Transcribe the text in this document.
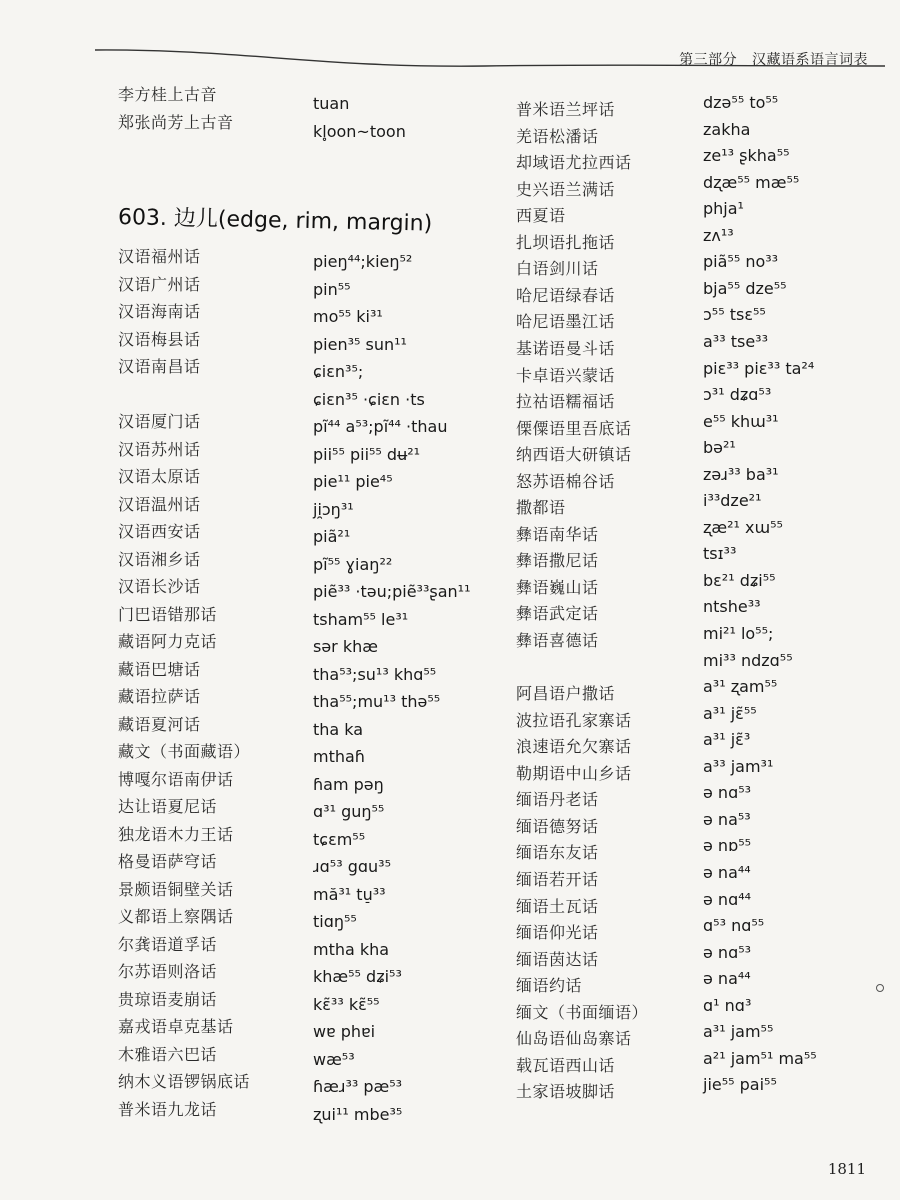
第三部分 汉藏语系语言词表
李方桂上古音	tuan
郑张尚芳上古音	kl̥oon~toon
603. 边儿(edge, rim, margin)
汉语福州话	pieŋ⁴⁴;kieŋ⁵²
汉语广州话	pin⁵⁵
汉语海南话	mo⁵⁵ ki³¹
汉语梅县话	pien³⁵ sun¹¹
汉语南昌话	ɕiɛn³⁵;
ɕiɛn³⁵ ·ɕiɛn ·ts
汉语厦门话	pĩ⁴⁴ a⁵³;pĩ⁴⁴ ·thau
汉语苏州话	pii⁵⁵ pii⁵⁵ dʉ²¹
汉语太原话	pie¹¹ pie⁴⁵
汉语温州话	ji̯ɔŋ³¹
汉语西安话	piã²¹
汉语湘乡话	pĩ⁵⁵ ɣiaŋ²²
汉语长沙话	piẽ³³ ·təu;piẽ³³ʂan¹¹
门巴语错那话	tsham⁵⁵ le³¹
藏语阿力克话	sər khæ
藏语巴塘话	tha⁵³;su¹³ khɑ⁵⁵
藏语拉萨话	tha⁵⁵;mu¹³ thə⁵⁵
藏语夏河话	tha ka
藏文（书面藏语）	mthaɦ
博嘎尔语南伊话	ɦam pəŋ
达让语夏尼话	ɑ³¹ guŋ⁵⁵
独龙语木力王话	tɕɛm⁵⁵
格曼语萨穹话	ɹɑ⁵³ gɑu³⁵
景颇语铜壁关话	mă³¹ tu̠³³
义都语上察隅话	tiɑŋ⁵⁵
尔龚语道孚话	mtha kha
尔苏语则洛话	khæ⁵⁵ dʑi⁵³
贵琼语麦崩话	kɛ̃³³ kɛ̃⁵⁵
嘉戎语卓克基话	wɐ phɐi
木雅语六巴话	wæ⁵³
纳木义语锣锅底话	ɦæɹ³³ pæ⁵³
普米语九龙话	ʐui¹¹ mbe³⁵
普米语兰坪话	dzə⁵⁵ to⁵⁵
羌语松潘话	zakha
却域语尤拉西话	ze¹³ ʂkha⁵⁵
史兴语兰满话	dʐæ⁵⁵ mæ⁵⁵
西夏语	phja¹
扎坝语扎拖话	zʌ¹³
白语剑川话	piã⁵⁵ no³³
哈尼语绿春话	bja⁵⁵ dze⁵⁵
哈尼语墨江话	ɔ⁵⁵ tsɛ⁵⁵
基诺语曼斗话	a³³ tse³³
卡卓语兴蒙话	piɛ³³ piɛ³³ ta²⁴
拉祜语糯福话	ɔ³¹ dʑɑ⁵³
傈僳语里吾底话	e⁵⁵ khɯ³¹
纳西语大研镇话	bə²¹
怒苏语棉谷话	zəɹ³³ ba³¹
撒都语	i³³dze²¹
彝语南华话	ʐæ²¹ xɯ⁵⁵
彝语撒尼话	tsɪ³³
彝语巍山话	bɛ²¹ dʑi⁵⁵
彝语武定话	ntshe³³
彝语喜德话	mi²¹ lo⁵⁵;
mi³³ ndzɑ⁵⁵
阿昌语户撒话	a³¹ ʐam⁵⁵
波拉语孔家寨话	a³¹ jɛ̃⁵⁵
浪速语允欠寨话	a³¹ jɛ̃³
勒期语中山乡话	a³³ jam³¹
缅语丹老话	ə nɑ⁵³
缅语德努话	ə na⁵³
缅语东友话	ə nɒ⁵⁵
缅语若开话	ə na⁴⁴
缅语土瓦话	ə nɑ⁴⁴
缅语仰光话	ɑ⁵³ nɑ⁵⁵
缅语茵达话	ə nɑ⁵³
缅语约话	ə na⁴⁴
缅文（书面缅语）	ɑ¹ nɑ³
仙岛语仙岛寨话	a³¹ jam⁵⁵
载瓦语西山话	a²¹ jam⁵¹ ma⁵⁵
土家语坡脚话	jie⁵⁵ pai⁵⁵
1811
